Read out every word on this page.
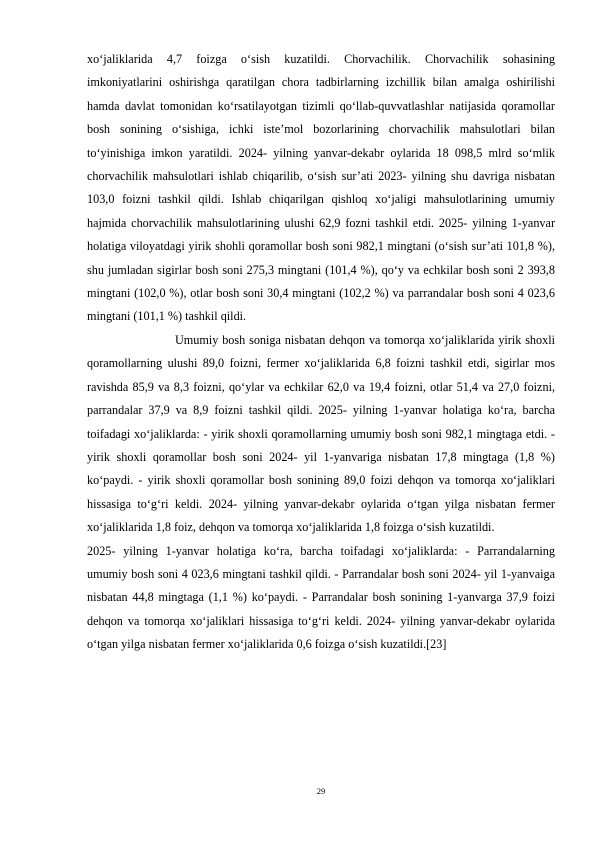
xo‘jaliklarida 4,7 foizga o‘sish kuzatildi. Chorvachilik. Chorvachilik sohasining imkoniyatlarini oshirishga qaratilgan chora tadbirlarning izchillik bilan amalga oshirilishi hamda davlat tomonidan ko‘rsatilayotgan tizimli qo‘llab-quvvatlashlar natijasida qoramollar bosh sonining o‘sishiga, ichki iste’mol bozorlarining chorvachilik mahsulotlari bilan to‘yinishiga imkon yaratildi. 2024- yilning yanvar-dekabr oylarida 18 098,5 mlrd so‘mlik chorvachilik mahsulotlari ishlab chiqarilib, o‘sish sur’ati 2023- yilning shu davriga nisbatan 103,0 foizni tashkil qildi. Ishlab chiqarilgan qishloq xo‘jaligi mahsulotlarining umumiy hajmida chorvachilik mahsulotlarining ulushi 62,9 fozni tashkil etdi. 2025- yilning 1-yanvar holatiga viloyatdagi yirik shohli qoramollar bosh soni 982,1 mingtani (o‘sish sur’ati 101,8 %), shu jumladan sigirlar bosh soni 275,3 mingtani (101,4 %), qo‘y va echkilar bosh soni 2 393,8 mingtani (102,0 %), otlar bosh soni 30,4 mingtani (102,2 %) va parrandalar bosh soni 4 023,6 mingtani (101,1 %) tashkil qildi.

Umumiy bosh soniga nisbatan dehqon va tomorqa xo‘jaliklarida yirik shoxli qoramollarning ulushi 89,0 foizni, fermer xo‘jaliklarida 6,8 foizni tashkil etdi, sigirlar mos ravishda 85,9 va 8,3 foizni, qo‘ylar va echkilar 62,0 va 19,4 foizni, otlar 51,4 va 27,0 foizni, parrandalar 37,9 va 8,9 foizni tashkil qildi. 2025- yilning 1-yanvar holatiga ko‘ra, barcha toifadagi xo‘jaliklarda: - yirik shoxli qoramollarning umumiy bosh soni 982,1 mingtaga etdi. - yirik shoxli qoramollar bosh soni 2024- yil 1-yanvariga nisbatan 17,8 mingtaga (1,8 %) ko‘paydi. - yirik shoxli qoramollar bosh sonining 89,0 foizi dehqon va tomorqa xo‘jaliklari hissasiga to‘g‘ri keldi. 2024- yilning yanvar-dekabr oylarida o‘tgan yilga nisbatan fermer xo‘jaliklarida 1,8 foiz, dehqon va tomorqa xo‘jaliklarida 1,8 foizga o‘sish kuzatildi.

2025- yilning 1-yanvar holatiga ko‘ra, barcha toifadagi xo‘jaliklarda: - Parrandalarning umumiy bosh soni 4 023,6 mingtani tashkil qildi. - Parrandalar bosh soni 2024- yil 1-yanvaiga nisbatan 44,8 mingtaga (1,1 %) ko‘paydi. - Parrandalar bosh sonining 1-yanvarga 37,9 foizi dehqon va tomorqa xo‘jaliklari hissasiga to‘g‘ri keldi. 2024- yilning yanvar-dekabr oylarida o‘tgan yilga nisbatan fermer xo‘jaliklarida 0,6 foizga o‘sish kuzatildi.[23]

29
